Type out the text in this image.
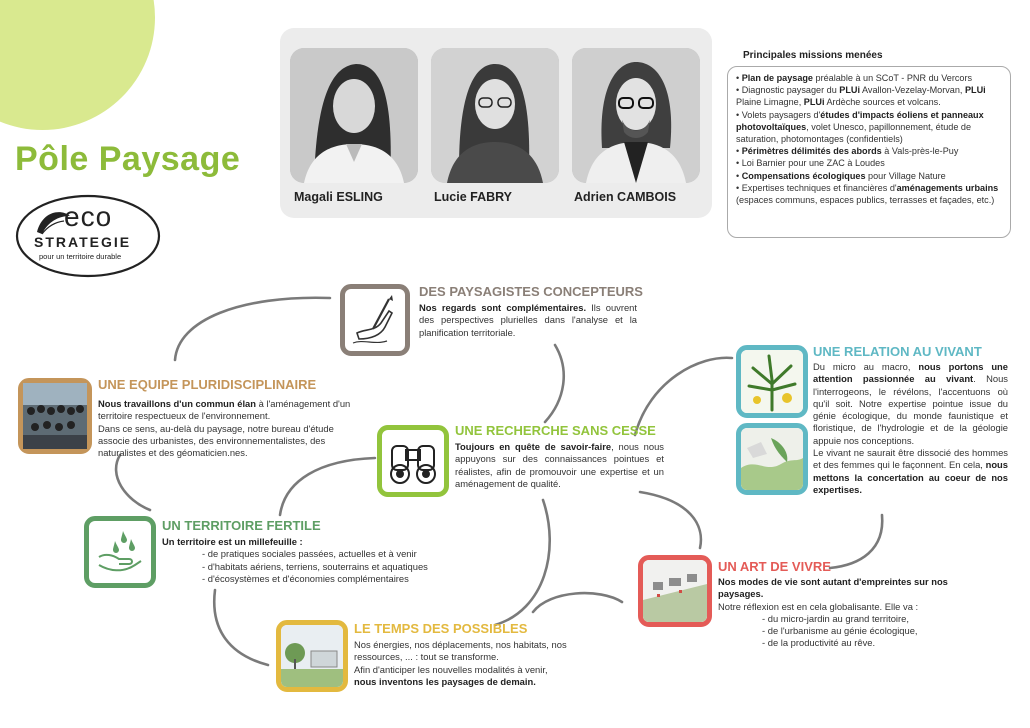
Pôle Paysage
eco
STRATEGIE
pour un territoire durable
Magali ESLING	Lucie FABRY	Adrien CAMBOIS
Principales missions menées

• Plan de paysage préalable à un SCoT - PNR du Vercors

• Diagnostic paysager du PLUi Avallon-Vezelay-Morvan, PLUi Plaine Limagne, PLUi Ardèche sources et volcans.

• Volets paysagers d'études d'impacts éoliens et panneaux photovoltaïques, volet Unesco, papillonnement, étude de saturation, photomontages (confidentiels)

• Périmètres délimités des abords à Vals-près-le-Puy

• Loi Barnier pour une ZAC à Loudes

• Compensations écologiques pour Village Nature

• Expertises techniques et financières d'aménagements urbains (espaces communs, espaces publics, terrasses et façades, etc.)

DES PAYSAGISTES CONCEPTEURS

Nos regards sont complémentaires. Ils ouvrent des perspectives plurielles dans l'analyse et la planification territoriale.

UNE EQUIPE PLURIDISCIPLINAIRE

Nous travaillons d'un commun élan à l'aménagement d'un territoire respectueux de l'environnement.

Dans ce sens, au-delà du paysage, notre bureau d'étude associe des urbanistes, des environnementalistes, des naturalistes et des géomaticien.nes.

UNE RECHERCHE SANS CESSE

Toujours en quête de savoir-faire, nous nous appuyons sur des connaissances pointues et réalistes, afin de promouvoir une expertise et un aménagement de qualité.

UNE RELATION AU VIVANT

Du micro au macro, nous portons une attention passionnée au vivant. Nous l'interrogeons, le révélons, l'accentuons où qu'il soit. Notre expertise pointue issue du génie écologique, du monde faunistique et floristique, de l'hydrologie et de la géologie appuie nos conceptions.

Le vivant ne saurait être dissocié des hommes et des femmes qui le façonnent. En cela, nous mettons la concertation au coeur de nos expertises.

UN TERRITOIRE FERTILE

Un territoire est un millefeuille :

- de pratiques sociales passées, actuelles et à venir

- d'habitats aériens, terriens, souterrains et aquatiques

- d'écosystèmes et d'économies complémentaires

UN ART DE VIVRE

Nos modes de vie sont autant d'empreintes sur nos paysages.

Notre réflexion est en cela globalisante. Elle va :

- du micro-jardin au grand territoire,

- de l'urbanisme au génie écologique,

- de la productivité au rêve.

LE TEMPS DES POSSIBLES

Nos énergies, nos déplacements, nos habitats, nos ressources, ... : tout se transforme.

Afin d'anticiper les nouvelles modalités à venir, nous inventons les paysages de demain.
